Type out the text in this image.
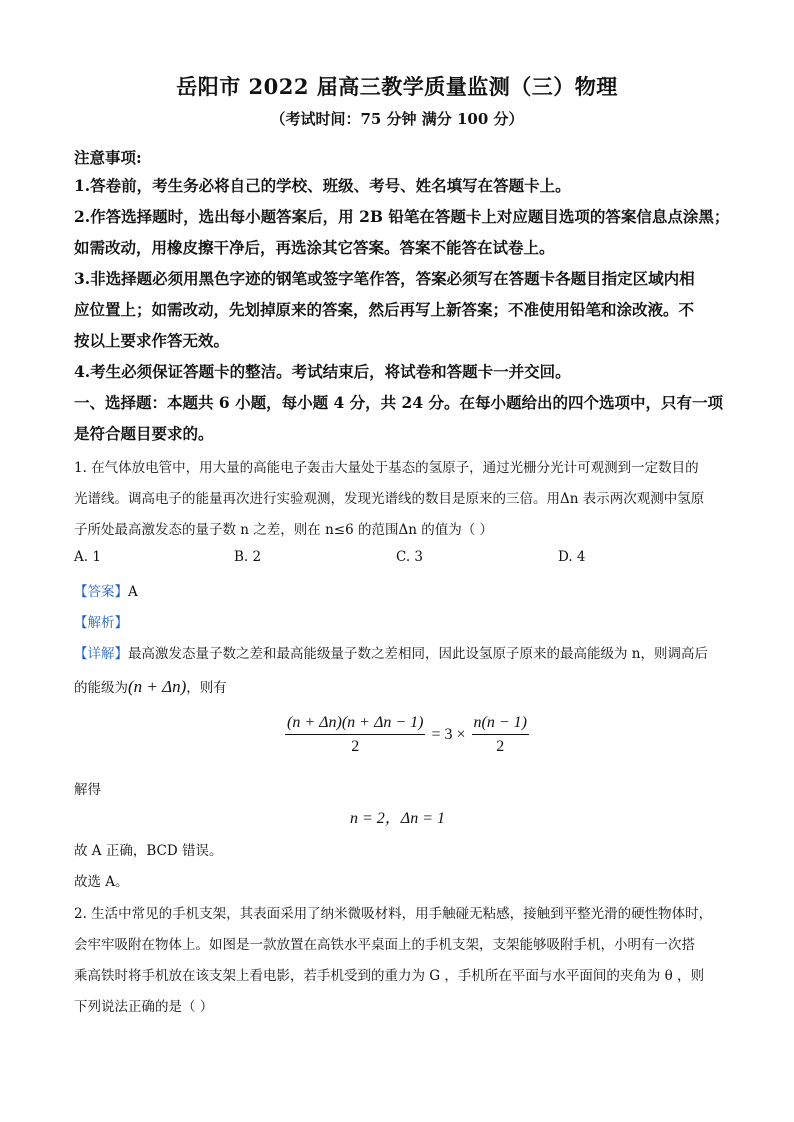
岳阳市 2022 届高三教学质量监测（三）物理
（考试时间：75 分钟 满分 100 分）
注意事项:
1.答卷前，考生务必将自己的学校、班级、考号、姓名填写在答题卡上。
2.作答选择题时，选出每小题答案后，用 2B 铅笔在答题卡上对应题目选项的答案信息点涂黑；
如需改动，用橡皮擦干净后，再选涂其它答案。答案不能答在试卷上。
3.非选择题必须用黑色字迹的钢笔或签字笔作答，答案必须写在答题卡各题目指定区域内相
应位置上；如需改动，先划掉原来的答案，然后再写上新答案；不准使用铅笔和涂改液。不
按以上要求作答无效。
4.考生必须保证答题卡的整洁。考试结束后，将试卷和答题卡一并交回。
一、选择题：本题共 6 小题，每小题 4 分，共 24 分。在每小题给出的四个选项中，只有一项
是符合题目要求的。
1. 在气体放电管中，用大量的高能电子轰击大量处于基态的氢原子，通过光栅分光计可观测到一定数目的
光谱线。调高电子的能量再次进行实验观测，发现光谱线的数目是原来的三倍。用Δn 表示两次观测中氢原
子所处最高激发态的量子数 n 之差，则在 n≤6 的范围Δn 的值为（ ）
A. 1	B. 2	C. 3	D. 4
【答案】A
【解析】
【详解】最高激发态量子数之差和最高能级量子数之差相同，因此设氢原子原来的最高能级为 n，则调高后
的能级为(n + Δn)，则有
$\frac{(n + \Delta n)(n + \Delta n - 1)}{2} = 3 \times \frac{n(n - 1)}{2}$
解得
n = 2，Δn = 1
故 A 正确，BCD 错误。
故选 A。
2. 生活中常见的手机支架，其表面采用了纳米微吸材料，用手触碰无粘感，接触到平整光滑的硬性物体时，
会牢牢吸附在物体上。如图是一款放置在高铁水平桌面上的手机支架，支架能够吸附手机，小明有一次搭
乘高铁时将手机放在该支架上看电影，若手机受到的重力为 G ，手机所在平面与水平面间的夹角为 θ ，则
下列说法正确的是（ ）
